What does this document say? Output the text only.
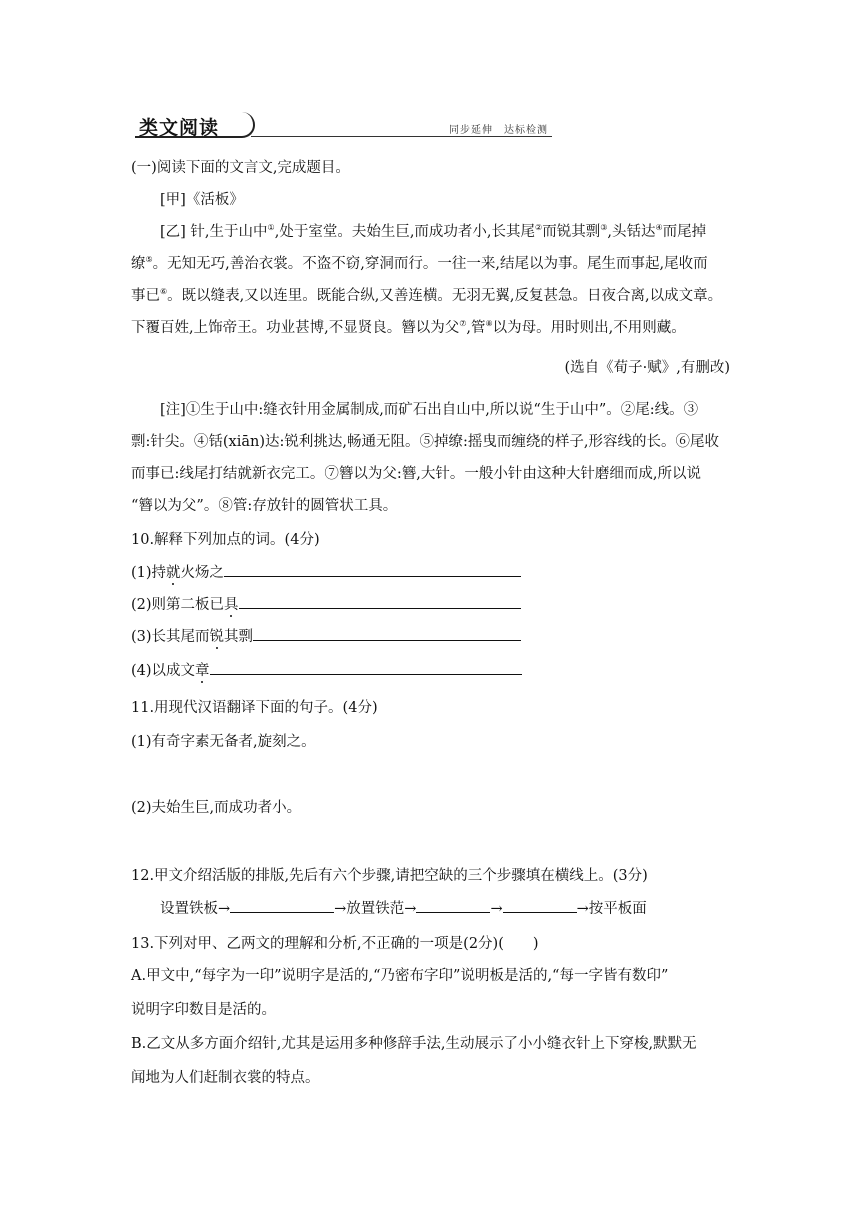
类文阅读	同步延伸　达标检测
(一)阅读下面的文言文,完成题目。
[甲]《活板》
[乙] 针,生于山中①,处于室堂。夫始生巨,而成功者小,长其尾②而锐其剽③,头铦达④而尾掉
缭⑤。无知无巧,善治衣裳。不盗不窃,穿洞而行。一往一来,结尾以为事。尾生而事起,尾收而
事已⑥。既以缝表,又以连里。既能合纵,又善连横。无羽无翼,反复甚急。日夜合离,以成文章。
下覆百姓,上饰帝王。功业甚博,不显贤良。簪以为父⑦,管⑧以为母。用时则出,不用则藏。
(选自《荀子·赋》,有删改)
[注]①生于山中:缝衣针用金属制成,而矿石出自山中,所以说“生于山中”。②尾:线。③
剽:针尖。④铦(xiān)达:锐利挑达,畅通无阻。⑤掉缭:摇曳而缠绕的样子,形容线的长。⑥尾收
而事已:线尾打结就新衣完工。⑦簪以为父:簪,大针。一般小针由这种大针磨细而成,所以说
“簪以为父”。⑧管:存放针的圆管状工具。
10.解释下列加点的词。(4分)
(1)持就火炀之
(2)则第二板已具
(3)长其尾而锐其剽
(4)以成文章
11.用现代汉语翻译下面的句子。(4分)
(1)有奇字素无备者,旋刻之。
(2)夫始生巨,而成功者小。
12.甲文介绍活版的排版,先后有六个步骤,请把空缺的三个步骤填在横线上。(3分)
设置铁板→	→放置铁范→	→	→按平板面
13.下列对甲、乙两文的理解和分析,不正确的一项是(2分)(　　)
A.甲文中,“每字为一印”说明字是活的,“乃密布字印”说明板是活的,“每一字皆有数印”
说明字印数目是活的。
B.乙文从多方面介绍针,尤其是运用多种修辞手法,生动展示了小小缝衣针上下穿梭,默默无
闻地为人们赶制衣裳的特点。
